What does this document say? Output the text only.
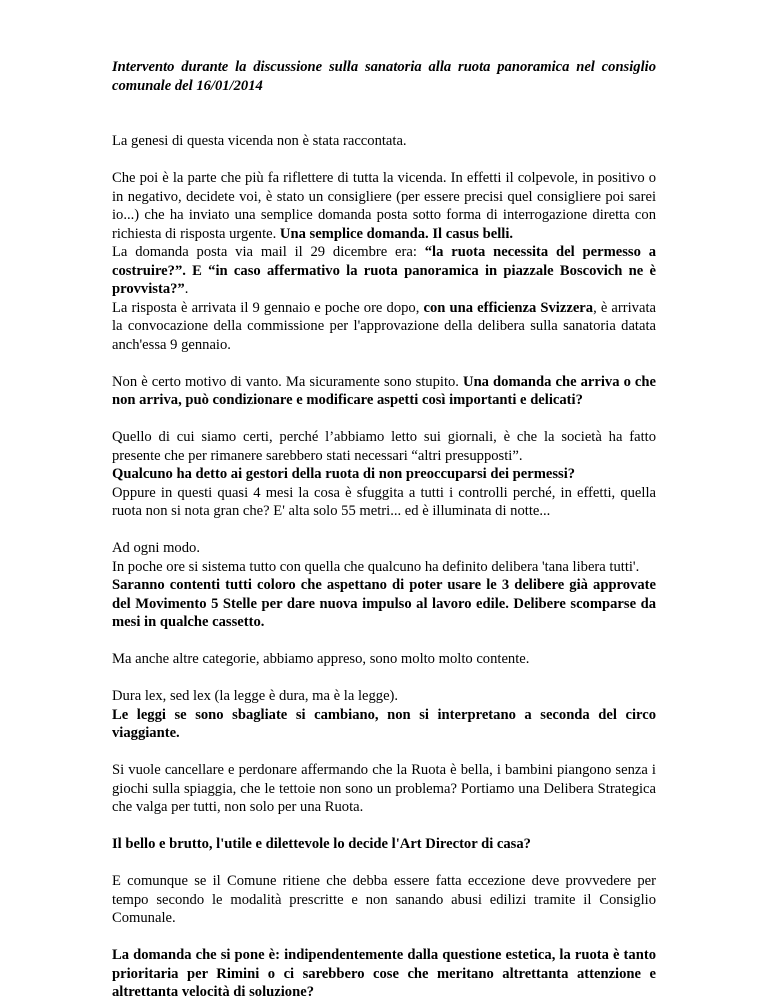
Intervento durante la discussione sulla sanatoria alla ruota panoramica nel consiglio comunale del 16/01/2014

La genesi di questa vicenda non è stata raccontata.

Che poi è la parte che più fa riflettere di tutta la vicenda. In effetti il colpevole, in positivo o in negativo, decidete voi, è stato un consigliere (per essere precisi quel consigliere poi sarei io...) che ha inviato una semplice domanda posta sotto forma di interrogazione diretta con richiesta di risposta urgente. Una semplice domanda. Il casus belli.

La domanda posta via mail il 29 dicembre era: “la ruota necessita del permesso a costruire?”. E “in caso affermativo la ruota panoramica in piazzale Boscovich ne è provvista?”.

La risposta è arrivata il 9 gennaio e poche ore dopo, con una efficienza Svizzera, è arrivata la convocazione della commissione per l'approvazione della delibera sulla sanatoria datata anch'essa 9 gennaio.

Non è certo motivo di vanto. Ma sicuramente sono stupito. Una domanda che arriva o che non arriva, può condizionare e modificare aspetti così importanti e delicati?

Quello di cui siamo certi, perché l’abbiamo letto sui giornali, è che la società ha fatto presente che per rimanere sarebbero stati necessari “altri presupposti”.

Qualcuno ha detto ai gestori della ruota di non preoccuparsi dei permessi?

Oppure in questi quasi 4 mesi la cosa è sfuggita a tutti i controlli perché, in effetti, quella ruota non si nota gran che? E' alta solo 55 metri... ed è illuminata di notte...

Ad ogni modo.

In poche ore si sistema tutto con quella che qualcuno ha definito delibera 'tana libera tutti'.

Saranno contenti tutti coloro che aspettano di poter usare le 3 delibere già approvate del Movimento 5 Stelle per dare nuova impulso al lavoro edile. Delibere scomparse da mesi in qualche cassetto.

Ma anche altre categorie, abbiamo appreso, sono molto molto contente.

Dura lex, sed lex (la legge è dura, ma è la legge).

Le leggi se sono sbagliate si cambiano, non si interpretano a seconda del circo viaggiante.

Si vuole cancellare e perdonare affermando che la Ruota è bella, i bambini piangono senza i giochi sulla spiaggia, che le tettoie non sono un problema? Portiamo una Delibera Strategica che valga per tutti, non solo per una Ruota.

Il bello e brutto, l'utile e dilettevole lo decide l'Art Director di casa?

E comunque se il Comune ritiene che debba essere fatta eccezione deve provvedere per tempo secondo le modalità prescritte e non sanando abusi edilizi tramite il Consiglio Comunale.

La domanda che si pone è: indipendentemente dalla questione estetica, la ruota è tanto prioritaria per Rimini o ci sarebbero cose che meritano altrettanta attenzione e altrettanta velocità di soluzione?
